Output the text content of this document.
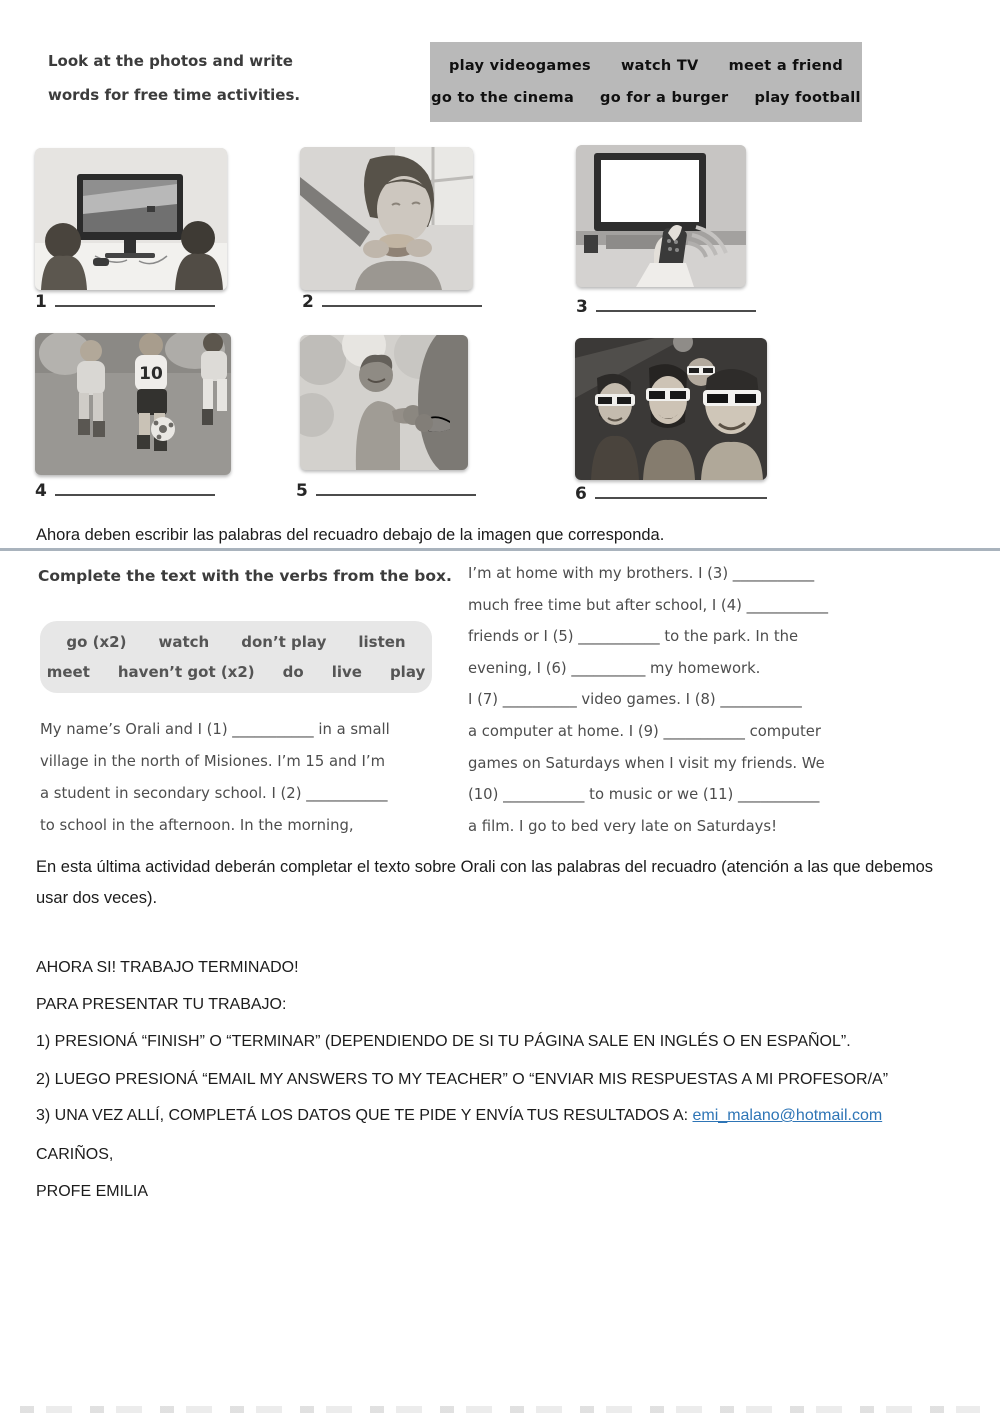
Look at the photos and write
words for free time activities.
play videogames watch TV meet a friend
go to the cinema go for a burger play football
1	2	3
10
4	5	6
Ahora deben escribir las palabras del recuadro debajo de la imagen que corresponda.
Complete the text with the verbs from the box.
go (x2) watch don’t play listen
meet haven’t got (x2) do live play
My name’s Orali and I (1) ___________ in a small
village in the north of Misiones. I’m 15 and I’m
a student in secondary school. I (2) ___________
to school in the afternoon. In the morning,
I’m at home with my brothers. I (3) ___________
much free time but after school, I (4) ___________
friends or I (5) ___________ to the park. In the
evening, I (6) __________ my homework.
I (7) __________ video games. I (8) ___________
a computer at home. I (9) ___________ computer
games on Saturdays when I visit my friends. We
(10) ___________ to music or we (11) ___________
a film. I go to bed very late on Saturdays!
En esta última actividad deberán completar el texto sobre Orali con las palabras del recuadro (atención a las que debemos
usar dos veces).
AHORA SI! TRABAJO TERMINADO!
PARA PRESENTAR TU TRABAJO:
1) PRESIONÁ “FINISH” O “TERMINAR” (DEPENDIENDO DE SI TU PÁGINA SALE EN INGLÉS O EN ESPAÑOL”.
2) LUEGO PRESIONÁ “EMAIL MY ANSWERS TO MY TEACHER” O “ENVIAR MIS RESPUESTAS A MI PROFESOR/A”
3) UNA VEZ ALLÍ, COMPLETÁ LOS DATOS QUE TE PIDE Y ENVÍA TUS RESULTADOS A: emi_malano@hotmail.com
CARIÑOS,
PROFE EMILIA
